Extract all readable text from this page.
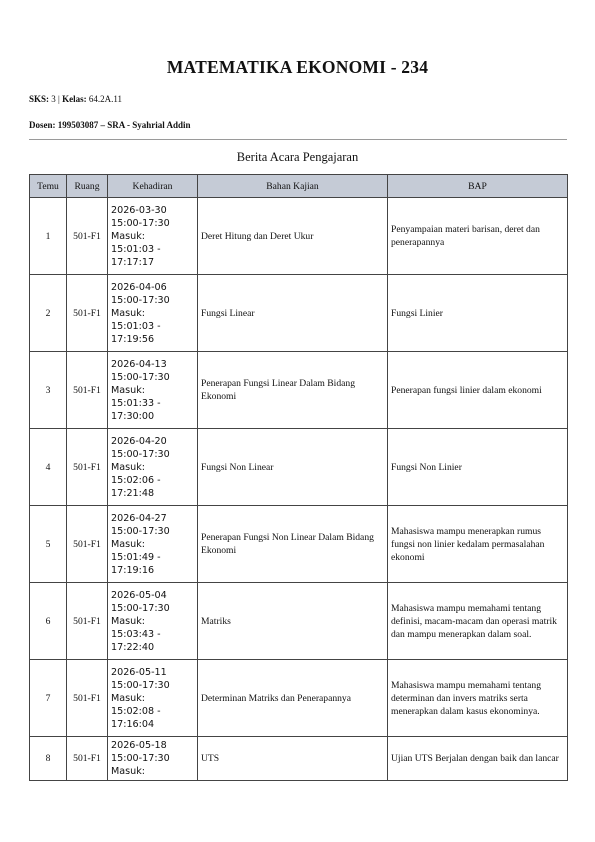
MATEMATIKA EKONOMI - 234
SKS: 3 | Kelas: 64.2A.11
Dosen: 199503087 – SRA - Syahrial Addin
Berita Acara Pengajaran
Temu	Ruang	Kehadiran	Bahan Kajian	BAP
1	501-F1	2026-03-30
15:00-17:30
Masuk:
15:01:03 -
17:17:17	Deret Hitung dan Deret Ukur	Penyampaian materi barisan, deret dan penerapannya
2	501-F1	2026-04-06
15:00-17:30
Masuk:
15:01:03 -
17:19:56	Fungsi Linear	Fungsi Linier
3	501-F1	2026-04-13
15:00-17:30
Masuk:
15:01:33 -
17:30:00	Penerapan Fungsi Linear Dalam Bidang Ekonomi	Penerapan fungsi linier dalam ekonomi
4	501-F1	2026-04-20
15:00-17:30
Masuk:
15:02:06 -
17:21:48	Fungsi Non Linear	Fungsi Non Linier
5	501-F1	2026-04-27
15:00-17:30
Masuk:
15:01:49 -
17:19:16	Penerapan Fungsi Non Linear Dalam Bidang Ekonomi	Mahasiswa mampu menerapkan rumus fungsi non linier kedalam permasalahan ekonomi
6	501-F1	2026-05-04
15:00-17:30
Masuk:
15:03:43 -
17:22:40	Matriks	Mahasiswa mampu memahami tentang definisi, macam-macam dan operasi matrik dan mampu menerapkan dalam soal.
7	501-F1	2026-05-11
15:00-17:30
Masuk:
15:02:08 -
17:16:04	Determinan Matriks dan Penerapannya	Mahasiswa mampu memahami tentang determinan dan invers matriks serta menerapkan dalam kasus ekonominya.
8	501-F1	2026-05-18
15:00-17:30
Masuk:	UTS	Ujian UTS Berjalan dengan baik dan lancar
